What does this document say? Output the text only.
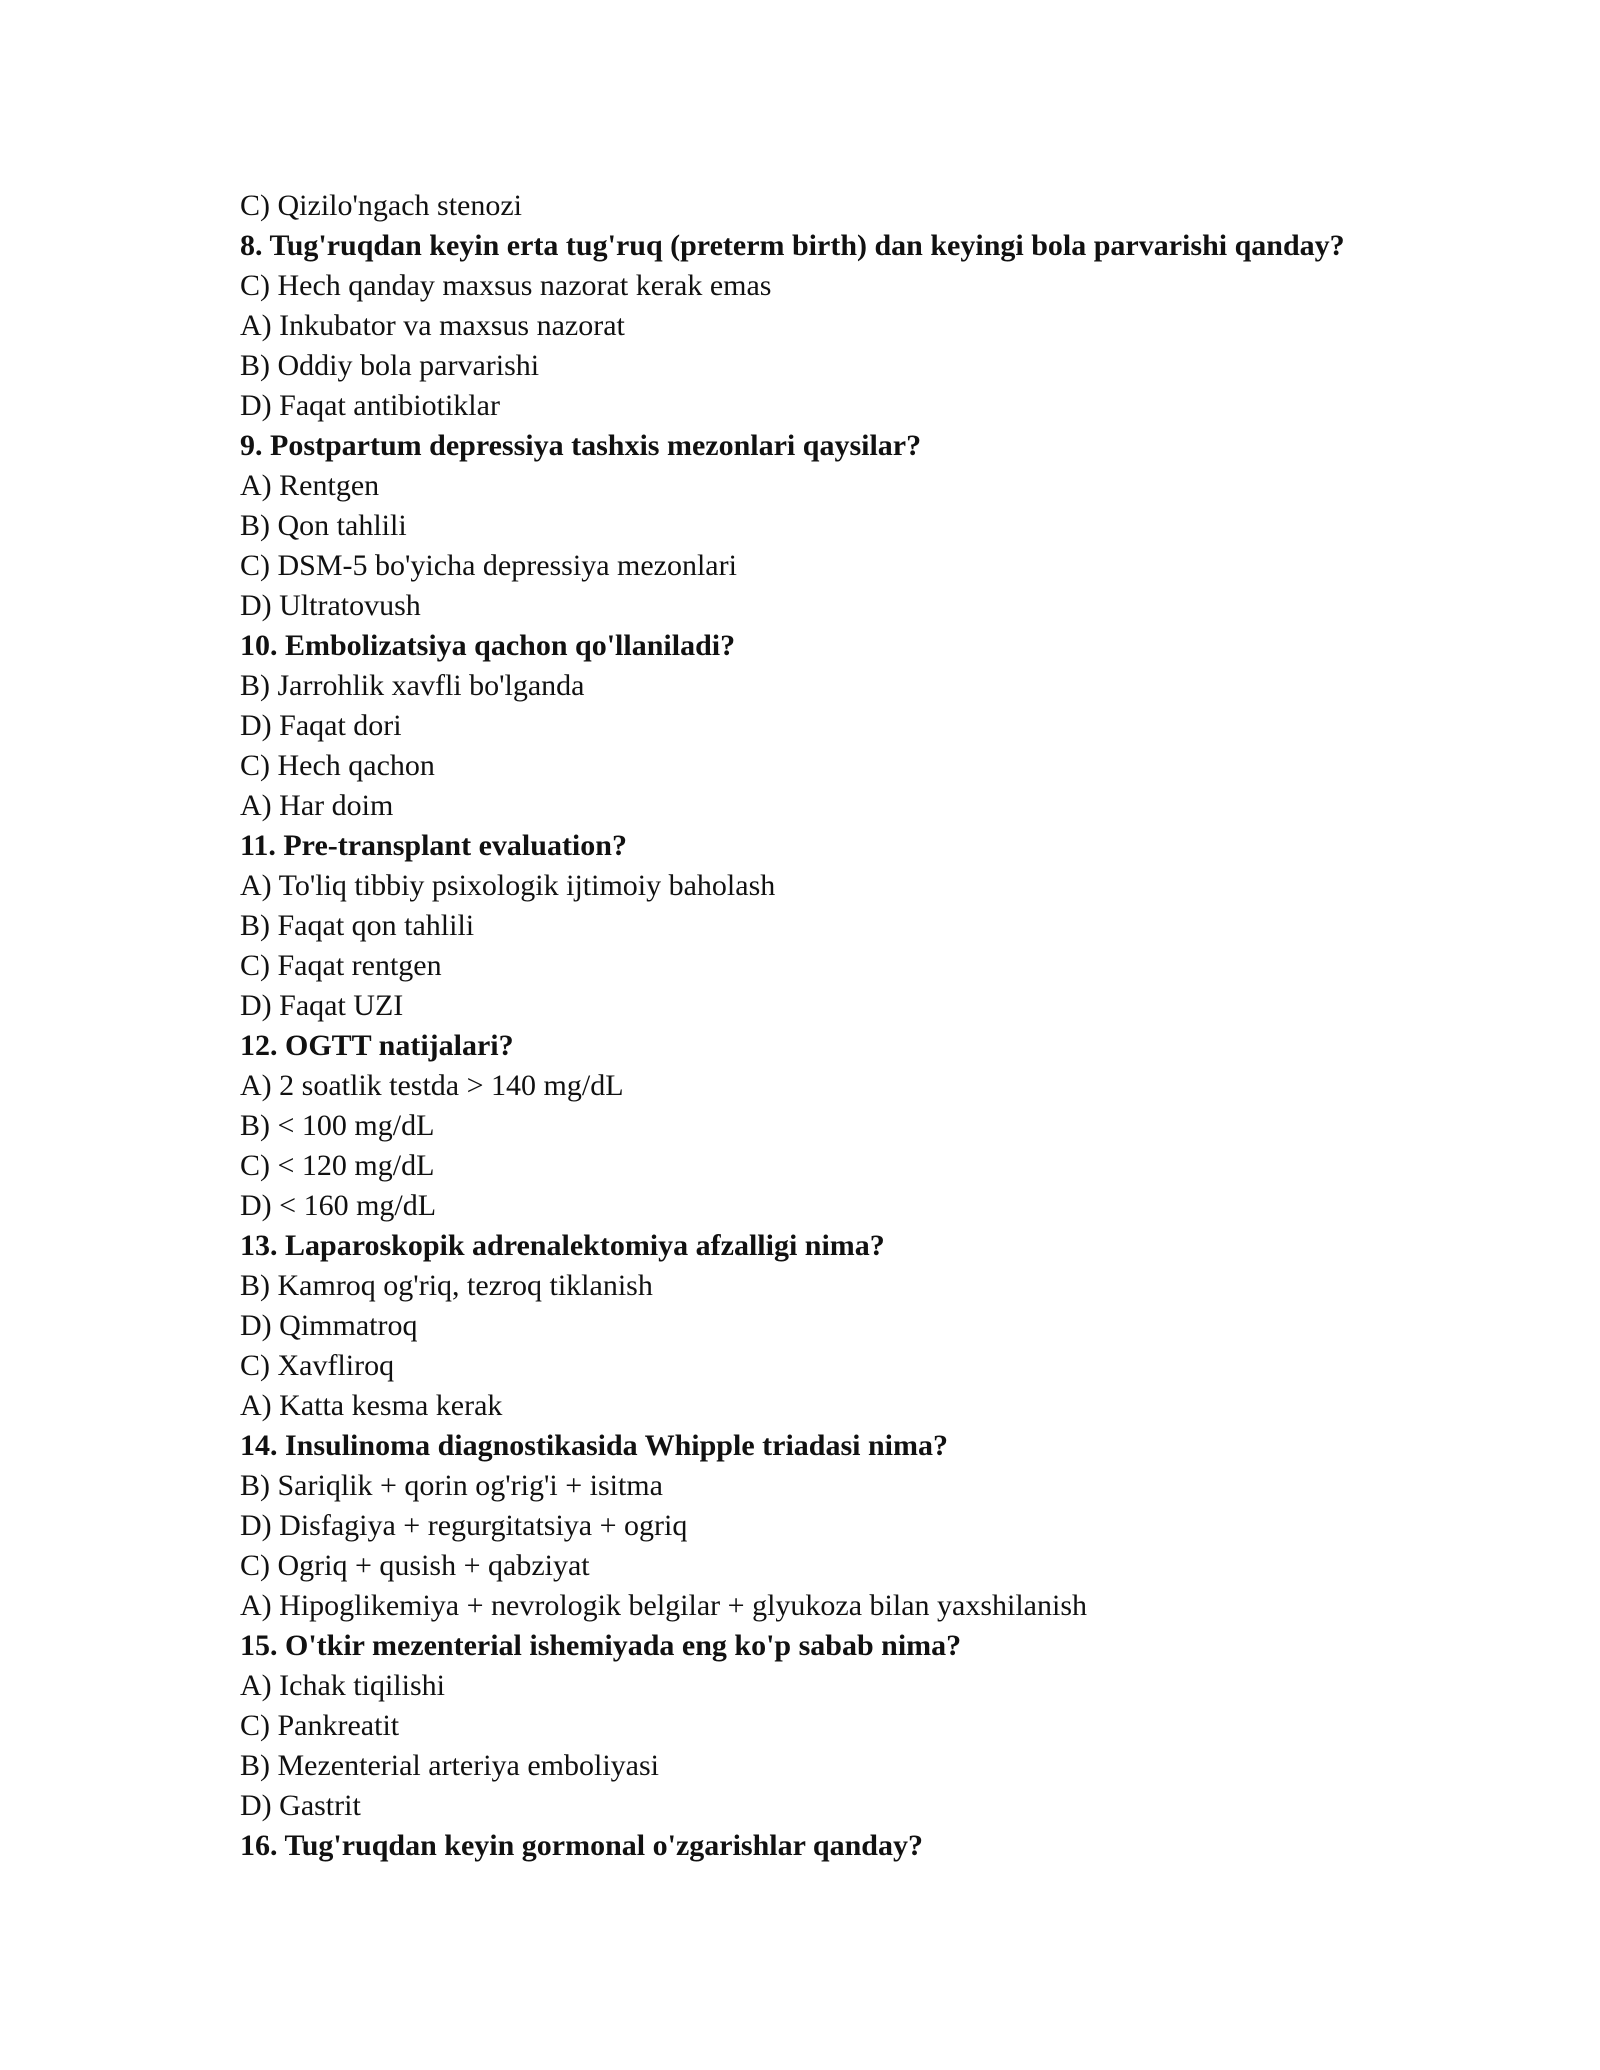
C) Qizilo'ngach stenozi
8. Tug'ruqdan keyin erta tug'ruq (preterm birth) dan keyingi bola parvarishi qanday?
C) Hech qanday maxsus nazorat kerak emas
A) Inkubator va maxsus nazorat
B) Oddiy bola parvarishi
D) Faqat antibiotiklar
9. Postpartum depressiya tashxis mezonlari qaysilar?
A) Rentgen
B) Qon tahlili
C) DSM-5 bo'yicha depressiya mezonlari
D) Ultratovush
10. Embolizatsiya qachon qo'llaniladi?
B) Jarrohlik xavfli bo'lganda
D) Faqat dori
C) Hech qachon
A) Har doim
11. Pre-transplant evaluation?
A) To'liq tibbiy psixologik ijtimoiy baholash
B) Faqat qon tahlili
C) Faqat rentgen
D) Faqat UZI
12. OGTT natijalari?
A) 2 soatlik testda > 140 mg/dL
B) < 100 mg/dL
C) < 120 mg/dL
D) < 160 mg/dL
13. Laparoskopik adrenalektomiya afzalligi nima?
B) Kamroq og'riq, tezroq tiklanish
D) Qimmatroq
C) Xavfliroq
A) Katta kesma kerak
14. Insulinoma diagnostikasida Whipple triadasi nima?
B) Sariqlik + qorin og'rig'i + isitma
D) Disfagiya + regurgitatsiya + ogriq
C) Ogriq + qusish + qabziyat
A) Hipoglikemiya + nevrologik belgilar + glyukoza bilan yaxshilanish
15. O'tkir mezenterial ishemiyada eng ko'p sabab nima?
A) Ichak tiqilishi
C) Pankreatit
B) Mezenterial arteriya emboliyasi
D) Gastrit
16. Tug'ruqdan keyin gormonal o'zgarishlar qanday?
